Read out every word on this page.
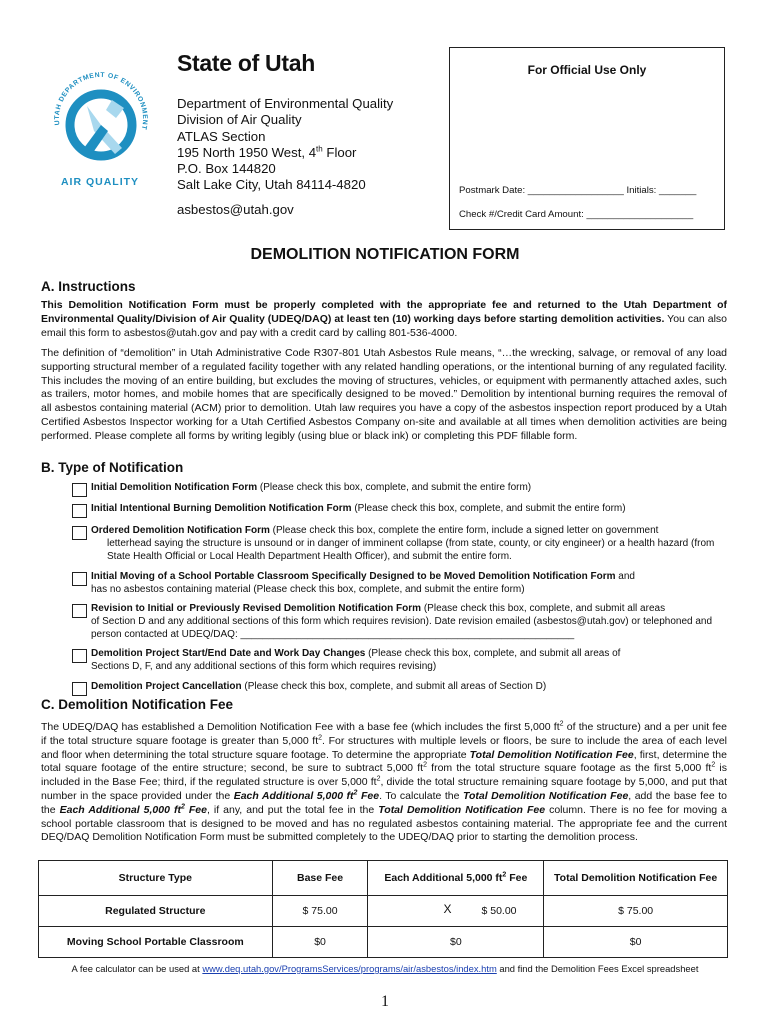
UTAH DEPARTMENT OF ENVIRONMENT
AIR QUALITY
State of Utah
Department of Environmental Quality
Division of Air Quality
ATLAS Section
195 North 1950 West, 4th Floor
P.O. Box 144820
Salt Lake City, Utah 84114-4820
asbestos@utah.gov
For Official Use Only
Postmark Date: __________________ Initials: _______
Check #/Credit Card Amount: ____________________
DEMOLITION NOTIFICATION FORM
A. Instructions
This Demolition Notification Form must be properly completed with the appropriate fee and returned to the Utah Department of Environmental Quality/Division of Air Quality (UDEQ/DAQ) at least ten (10) working days before starting demolition activities. You can also email this form to asbestos@utah.gov and pay with a credit card by calling 801-536-4000.
The definition of “demolition” in Utah Administrative Code R307-801 Utah Asbestos Rule means, “…the wrecking, salvage, or removal of any load supporting structural member of a regulated facility together with any related handling operations, or the intentional burning of any regulated facility. This includes the moving of an entire building, but excludes the moving of structures, vehicles, or equipment with permanently attached axles, such as trailers, motor homes, and mobile homes that are specifically designed to be moved.” Demolition by intentional burning requires the removal of all asbestos containing material (ACM) prior to demolition. Utah law requires you have a copy of the asbestos inspection report produced by a Utah Certified Asbestos Inspector working for a Utah Certified Asbestos Company on-site and available at all times when demolition activities are being performed. Please complete all forms by writing legibly (using blue or black ink) or completing this PDF fillable form.
B. Type of Notification
Initial Demolition Notification Form (Please check this box, complete, and submit the entire form)
Initial Intentional Burning Demolition Notification Form (Please check this box, complete, and submit the entire form)
Ordered Demolition Notification Form (Please check this box, complete the entire form, include a signed letter on government
letterhead saying the structure is unsound or in danger of imminent collapse (from state, county, or city engineer) or a health hazard (from State Health Official or Local Health Department Health Officer), and submit the entire form.
Initial Moving of a School Portable Classroom Specifically Designed to be Moved Demolition Notification Form and
has no asbestos containing material (Please check this box, complete, and submit the entire form)
Revision to Initial or Previously Revised Demolition Notification Form (Please check this box, complete, and submit all areas
of Section D and any additional sections of this form which requires revision). Date revision emailed (asbestos@utah.gov) or telephoned and person contacted at UDEQ/DAQ: ____________________________________________________________
Demolition Project Start/End Date and Work Day Changes (Please check this box, complete, and submit all areas of
Sections D, F, and any additional sections of this form which requires revising)
Demolition Project Cancellation (Please check this box, complete, and submit all areas of Section D)
C. Demolition Notification Fee
The UDEQ/DAQ has established a Demolition Notification Fee with a base fee (which includes the first 5,000 $ft^2$ of the structure) and a per unit fee if the total structure square footage is greater than 5,000 $ft^2$. For structures with multiple levels or floors, be sure to include the area of each level and floor when determining the total structure square footage. To determine the appropriate Total Demolition Notification Fee, first, determine the total square footage of the entire structure; second, be sure to subtract 5,000 $ft^2$ from the total structure square footage as the first 5,000 $ft^2$ is included in the Base Fee; third, if the regulated structure is over 5,000 $ft^2$, divide the total structure remaining square footage by 5,000, and put that number in the space provided under the Each Additional 5,000 $ft^2$ Fee. To calculate the Total Demolition Notification Fee, add the base fee to the Each Additional 5,000 $ft^2$ Fee, if any, and put the total fee in the Total Demolition Notification Fee column. There is no fee for moving a school portable classroom that is designed to be moved and has no regulated asbestos containing material. The appropriate fee and the current DEQ/DAQ Demolition Notification Form must be submitted completely to the UDEQ/DAQ prior to starting the demolition process.
Structure Type	Base Fee	Each Additional 5,000 $ft^2$ Fee	Total Demolition Notification Fee
Regulated Structure	$ 75.00	X $ 50.00	$ 75.00
Moving School Portable Classroom	$0	$0	$0
A fee calculator can be used at www.deq.utah.gov/ProgramsServices/programs/air/asbestos/index.htm and find the Demolition Fees Excel spreadsheet
1
